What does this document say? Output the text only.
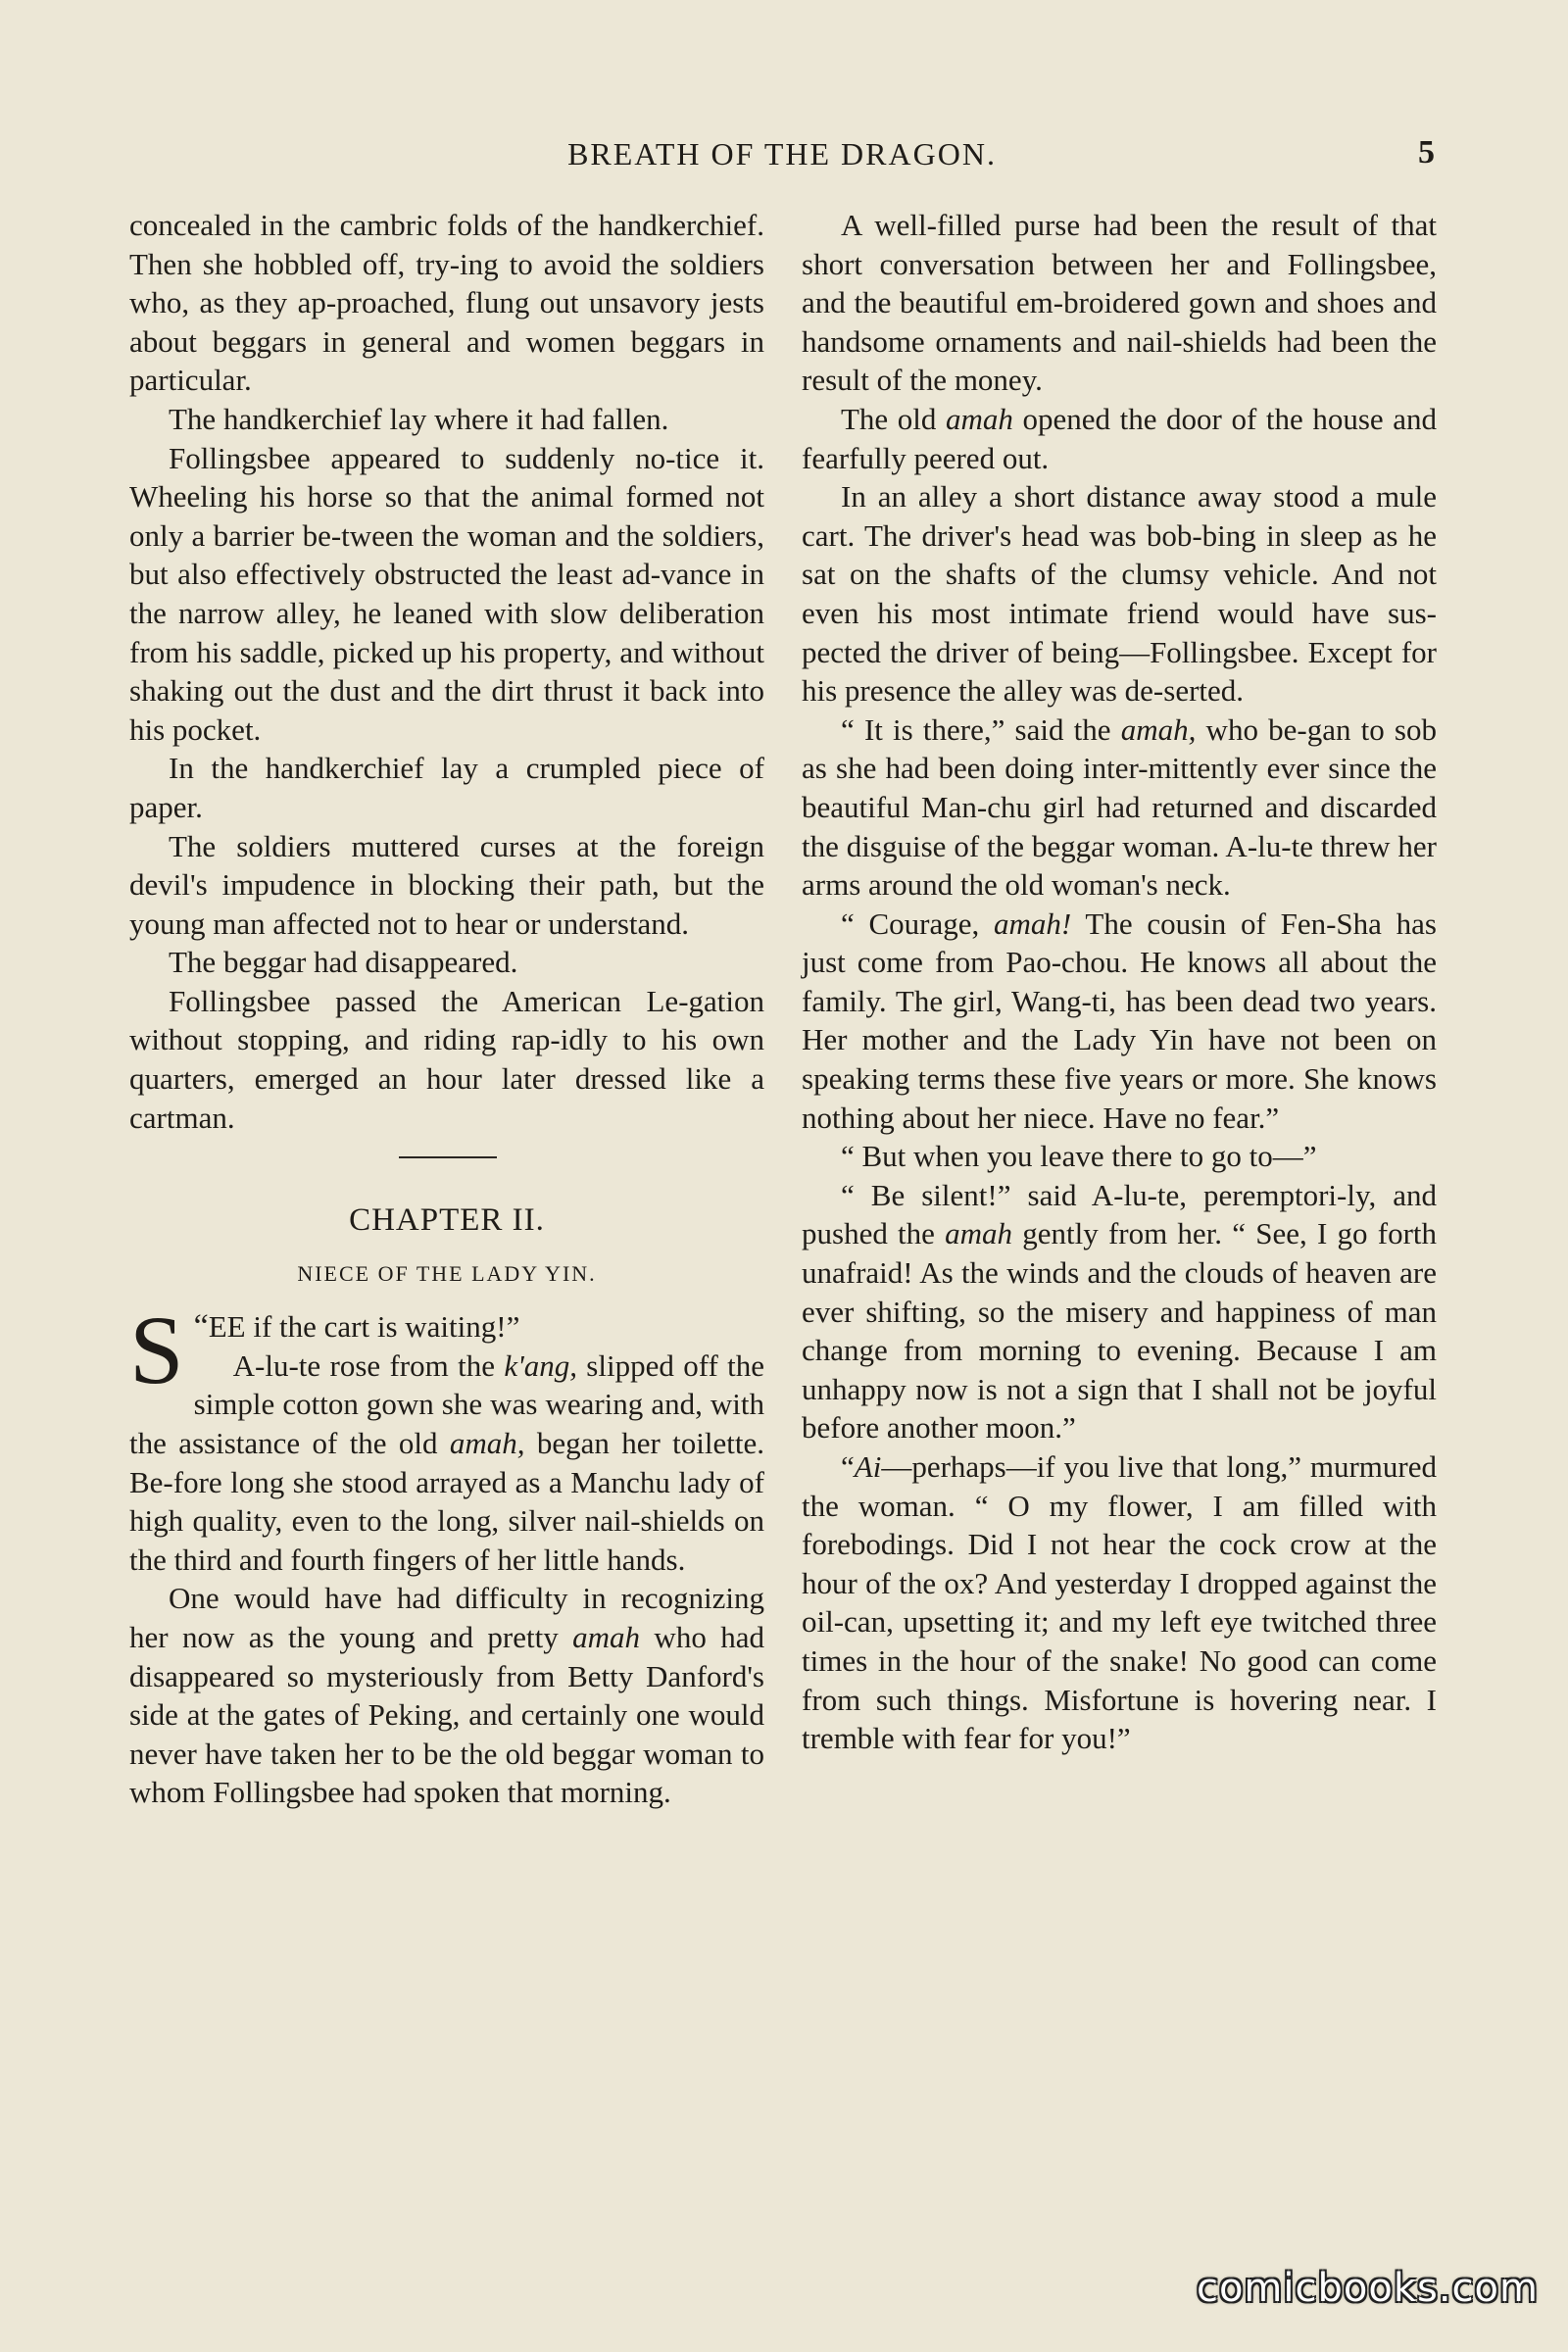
BREATH OF THE DRAGON.	5

concealed in the cambric folds of the handkerchief. Then she hobbled off, try-ing to avoid the soldiers who, as they ap-proached, flung out unsavory jests about beggars in general and women beggars in particular.

The handkerchief lay where it had fallen.

Follingsbee appeared to suddenly no-tice it. Wheeling his horse so that the animal formed not only a barrier be-tween the woman and the soldiers, but also effectively obstructed the least ad-vance in the narrow alley, he leaned with slow deliberation from his saddle, picked up his property, and without shaking out the dust and the dirt thrust it back into his pocket.

In the handkerchief lay a crumpled piece of paper.

The soldiers muttered curses at the foreign devil's impudence in blocking their path, but the young man affected not to hear or understand.

The beggar had disappeared.

Follingsbee passed the American Le-gation without stopping, and riding rap-idly to his own quarters, emerged an hour later dressed like a cartman.

CHAPTER II.
NIECE OF THE LADY YIN.

“
S EE if the cart is waiting!”

A-lu-te rose from the k'ang, slipped off the simple cotton gown she was wearing and, with the assistance of the old amah, began her toilette. Be-fore long she stood arrayed as a Manchu lady of high quality, even to the long, silver nail-shields on the third and fourth fingers of her little hands.

One would have had difficulty in recognizing her now as the young and pretty amah who had disappeared so mysteriously from Betty Danford's side at the gates of Peking, and certainly one would never have taken her to be the old beggar woman to whom Follingsbee had spoken that morning.

A well-filled purse had been the result of that short conversation between her and Follingsbee, and the beautiful em-broidered gown and shoes and handsome ornaments and nail-shields had been the result of the money.

The old amah opened the door of the house and fearfully peered out.

In an alley a short distance away stood a mule cart. The driver's head was bob-bing in sleep as he sat on the shafts of the clumsy vehicle. And not even his most intimate friend would have sus-pected the driver of being—Follingsbee. Except for his presence the alley was de-serted.

“ It is there,” said the amah, who be-gan to sob as she had been doing inter-mittently ever since the beautiful Man-chu girl had returned and discarded the disguise of the beggar woman. A-lu-te threw her arms around the old woman's neck.

“ Courage, amah! The cousin of Fen-Sha has just come from Pao-chou. He knows all about the family. The girl, Wang-ti, has been dead two years. Her mother and the Lady Yin have not been on speaking terms these five years or more. She knows nothing about her niece. Have no fear.”

“ But when you leave there to go to—”

“ Be silent!” said A-lu-te, peremptori-ly, and pushed the amah gently from her. “ See, I go forth unafraid! As the winds and the clouds of heaven are ever shifting, so the misery and happiness of man change from morning to evening. Because I am unhappy now is not a sign that I shall not be joyful before another moon.”

“Ai—perhaps—if you live that long,” murmured the woman. “ O my flower, I am filled with forebodings. Did I not hear the cock crow at the hour of the ox? And yesterday I dropped against the oil-can, upsetting it; and my left eye twitched three times in the hour of the snake! No good can come from such things. Misfortune is hovering near. I tremble with fear for you!”

comicbooks.com
